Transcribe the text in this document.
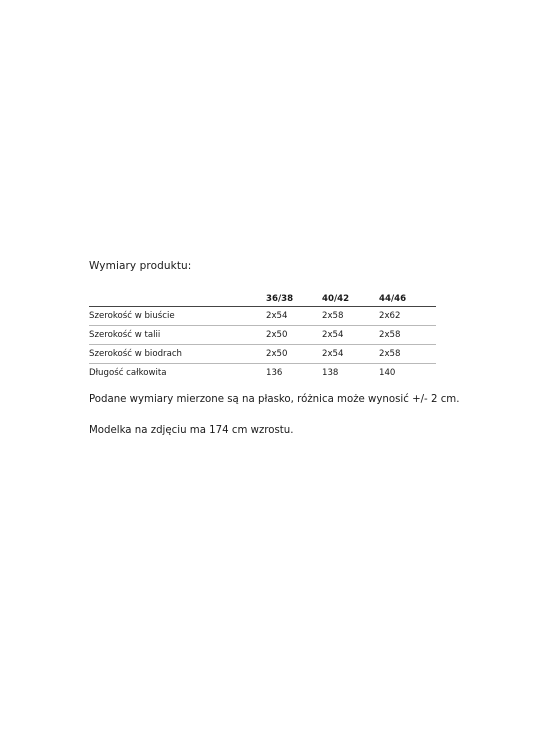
Wymiary produktu:

	36/38	40/42	44/46
Szerokość w biuście	2x54	2x58	2x62
Szerokość w talii	2x50	2x54	2x58
Szerokość w biodrach	2x50	2x54	2x58
Długość całkowita	136	138	140

Podane wymiary mierzone są na płasko, różnica może wynosić +/- 2 cm.

Modelka na zdjęciu ma 174 cm wzrostu.
